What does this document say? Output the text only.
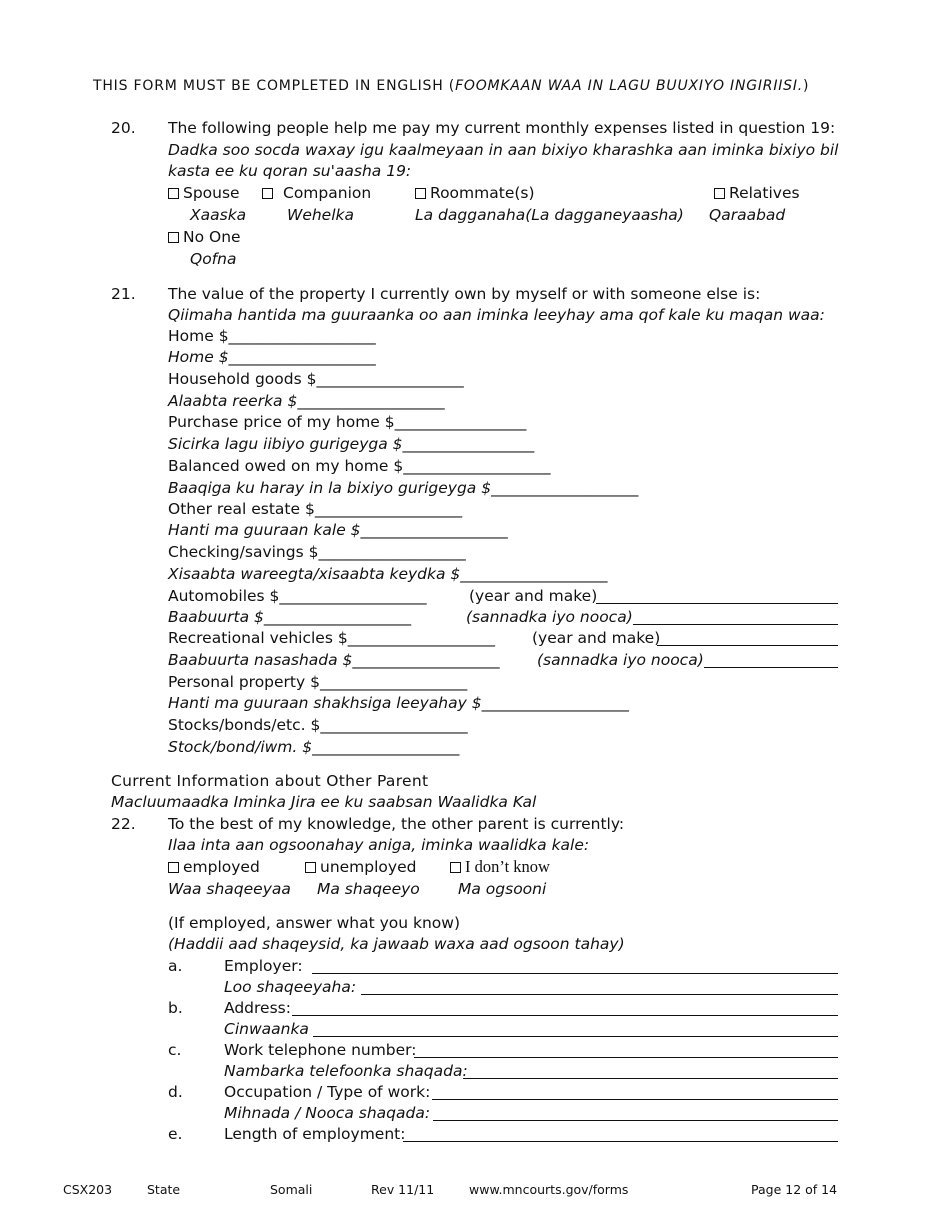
THIS FORM MUST BE COMPLETED IN ENGLISH (FOOMKAAN WAA IN LAGU BUUXIYO INGIRIISI.)
20. The following people help me pay my current monthly expenses listed in question 19:
Dadka soo socda waxay igu kaalmeyaan in aan bixiyo kharashka aan iminka bixiyo bil
kasta ee ku qoran su'aasha 19:
Spouse
Xaaska
Companion
Wehelka
Roommate(s)
La dagganaha(La dagganeyaasha)
Relatives
Qaraabad
No One
Qofna
21. The value of the property I currently own by myself or with someone else is:
Qiimaha hantida ma guuraanka oo aan iminka leeyhay ama qof kale ku maqan waa:
Home $___________________
Home $___________________
Household goods $___________________
Alaabta reerka $___________________
Purchase price of my home $_________________
Sicirka lagu iibiyo gurigeyga $_________________
Balanced owed on my home $___________________
Baaqiga ku haray in la bixiyo gurigeyga $___________________
Other real estate $___________________
Hanti ma guuraan kale $___________________
Checking/savings $___________________
Xisaabta wareegta/xisaabta keydka $___________________
Automobiles $___________________	(year and make)
Baabuurta $___________________	(sannadka iyo nooca)
Recreational vehicles $___________________ (year and make)
Baabuurta nasashada $___________________ (sannadka iyo nooca)
Personal property $___________________
Hanti ma guuraan shakhsiga leeyahay $___________________
Stocks/bonds/etc. $___________________
Stock/bond/iwm. $___________________
Current Information about Other Parent
Macluumaadka Iminka Jira ee ku saabsan Waalidka Kal
22. To the best of my knowledge, the other parent is currently:
Ilaa inta aan ogsoonahay aniga, iminka waalidka kale:
employed
Waa shaqeeyaa
unemployed
Ma shaqeeyo
I don’t know
Ma ogsooni
(If employed, answer what you know)
(Haddii aad shaqeysid, ka jawaab waxa aad ogsoon tahay)
a.	Employer:
Loo shaqeeyaha:
b.	Address:
Cinwaanka
c.	Work telephone number:
Nambarka telefoonka shaqada:
d.	Occupation / Type of work:
Mihnada / Nooca shaqada:
e.	Length of employment:
CSX203	State	Somali	Rev 11/11	www.mncourts.gov/forms	Page 12 of 14
